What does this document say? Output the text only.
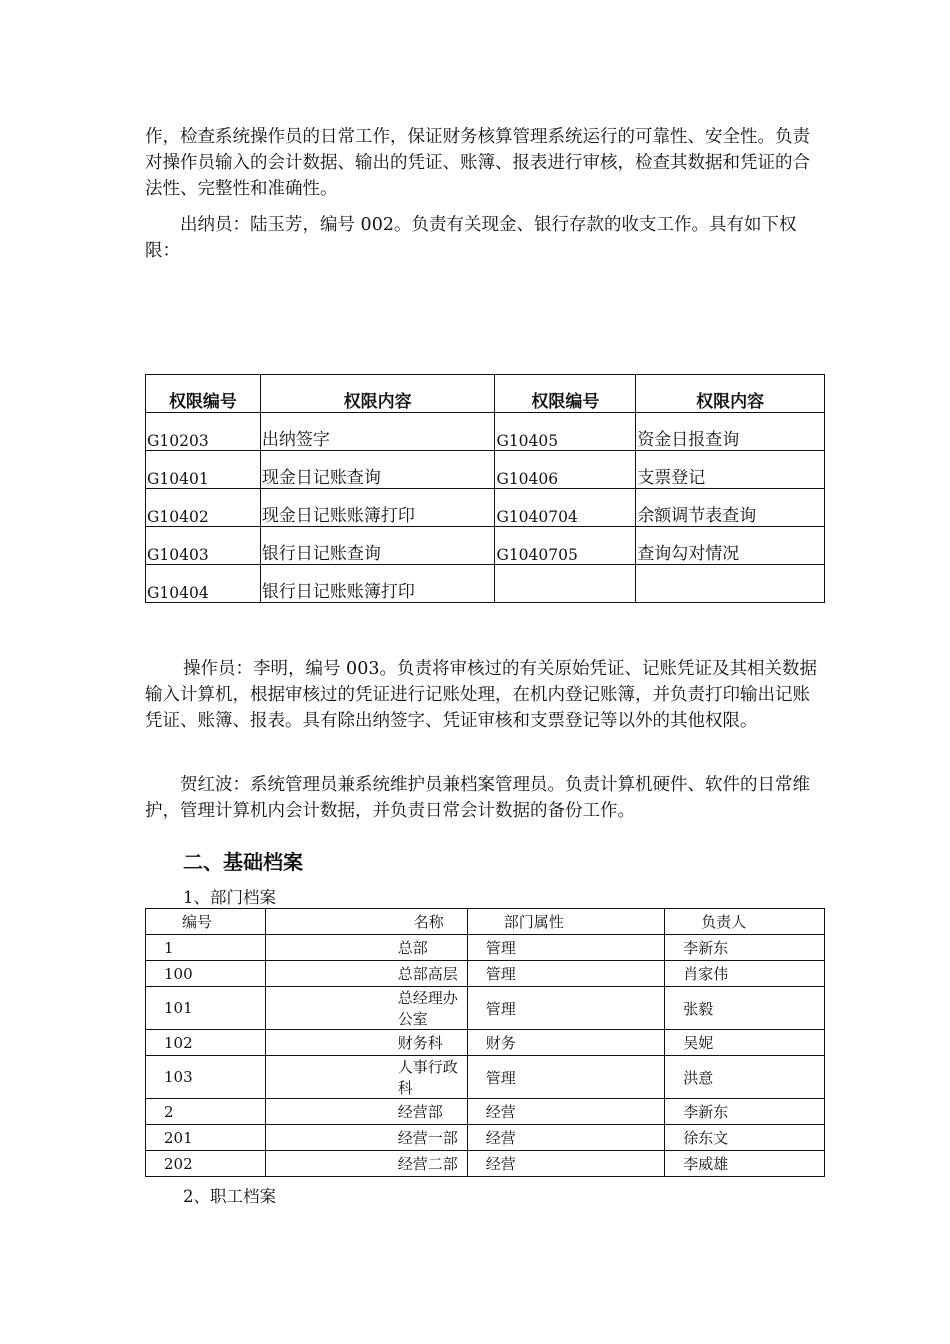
作，检查系统操作员的日常工作，保证财务核算管理系统运行的可靠性、安全性。负责对操作员输入的会计数据、输出的凭证、账簿、报表进行审核，检查其数据和凭证的合法性、完整性和准确性。

出纳员：陆玉芳，编号 002。负责有关现金、银行存款的收支工作。具有如下权限：

权限编号	权限内容	权限编号	权限内容
G10203	出纳签字	G10405	资金日报查询
G10401	现金日记账查询	G10406	支票登记
G10402	现金日记账账簿打印	G1040704	余额调节表查询
G10403	银行日记账查询	G1040705	查询勾对情况
G10404	银行日记账账簿打印		

操作员：李明，编号 003。负责将审核过的有关原始凭证、记账凭证及其相关数据输入计算机，根据审核过的凭证进行记账处理，在机内登记账簿，并负责打印输出记账凭证、账簿、报表。具有除出纳签字、凭证审核和支票登记等以外的其他权限。

贺红波：系统管理员兼系统维护员兼档案管理员。负责计算机硬件、软件的日常维护，管理计算机内会计数据，并负责日常会计数据的备份工作。

二、基础档案

1、部门档案

编号	名称	部门属性	负责人
1	总部	管理	李新东
100	总部高层	管理	肖家伟
101	总经理办公室	管理	张毅
102	财务科	财务	吴妮
103	人事行政科	管理	洪意
2	经营部	经营	李新东
201	经营一部	经营	徐东文
202	经营二部	经营	李威雄

2、职工档案
